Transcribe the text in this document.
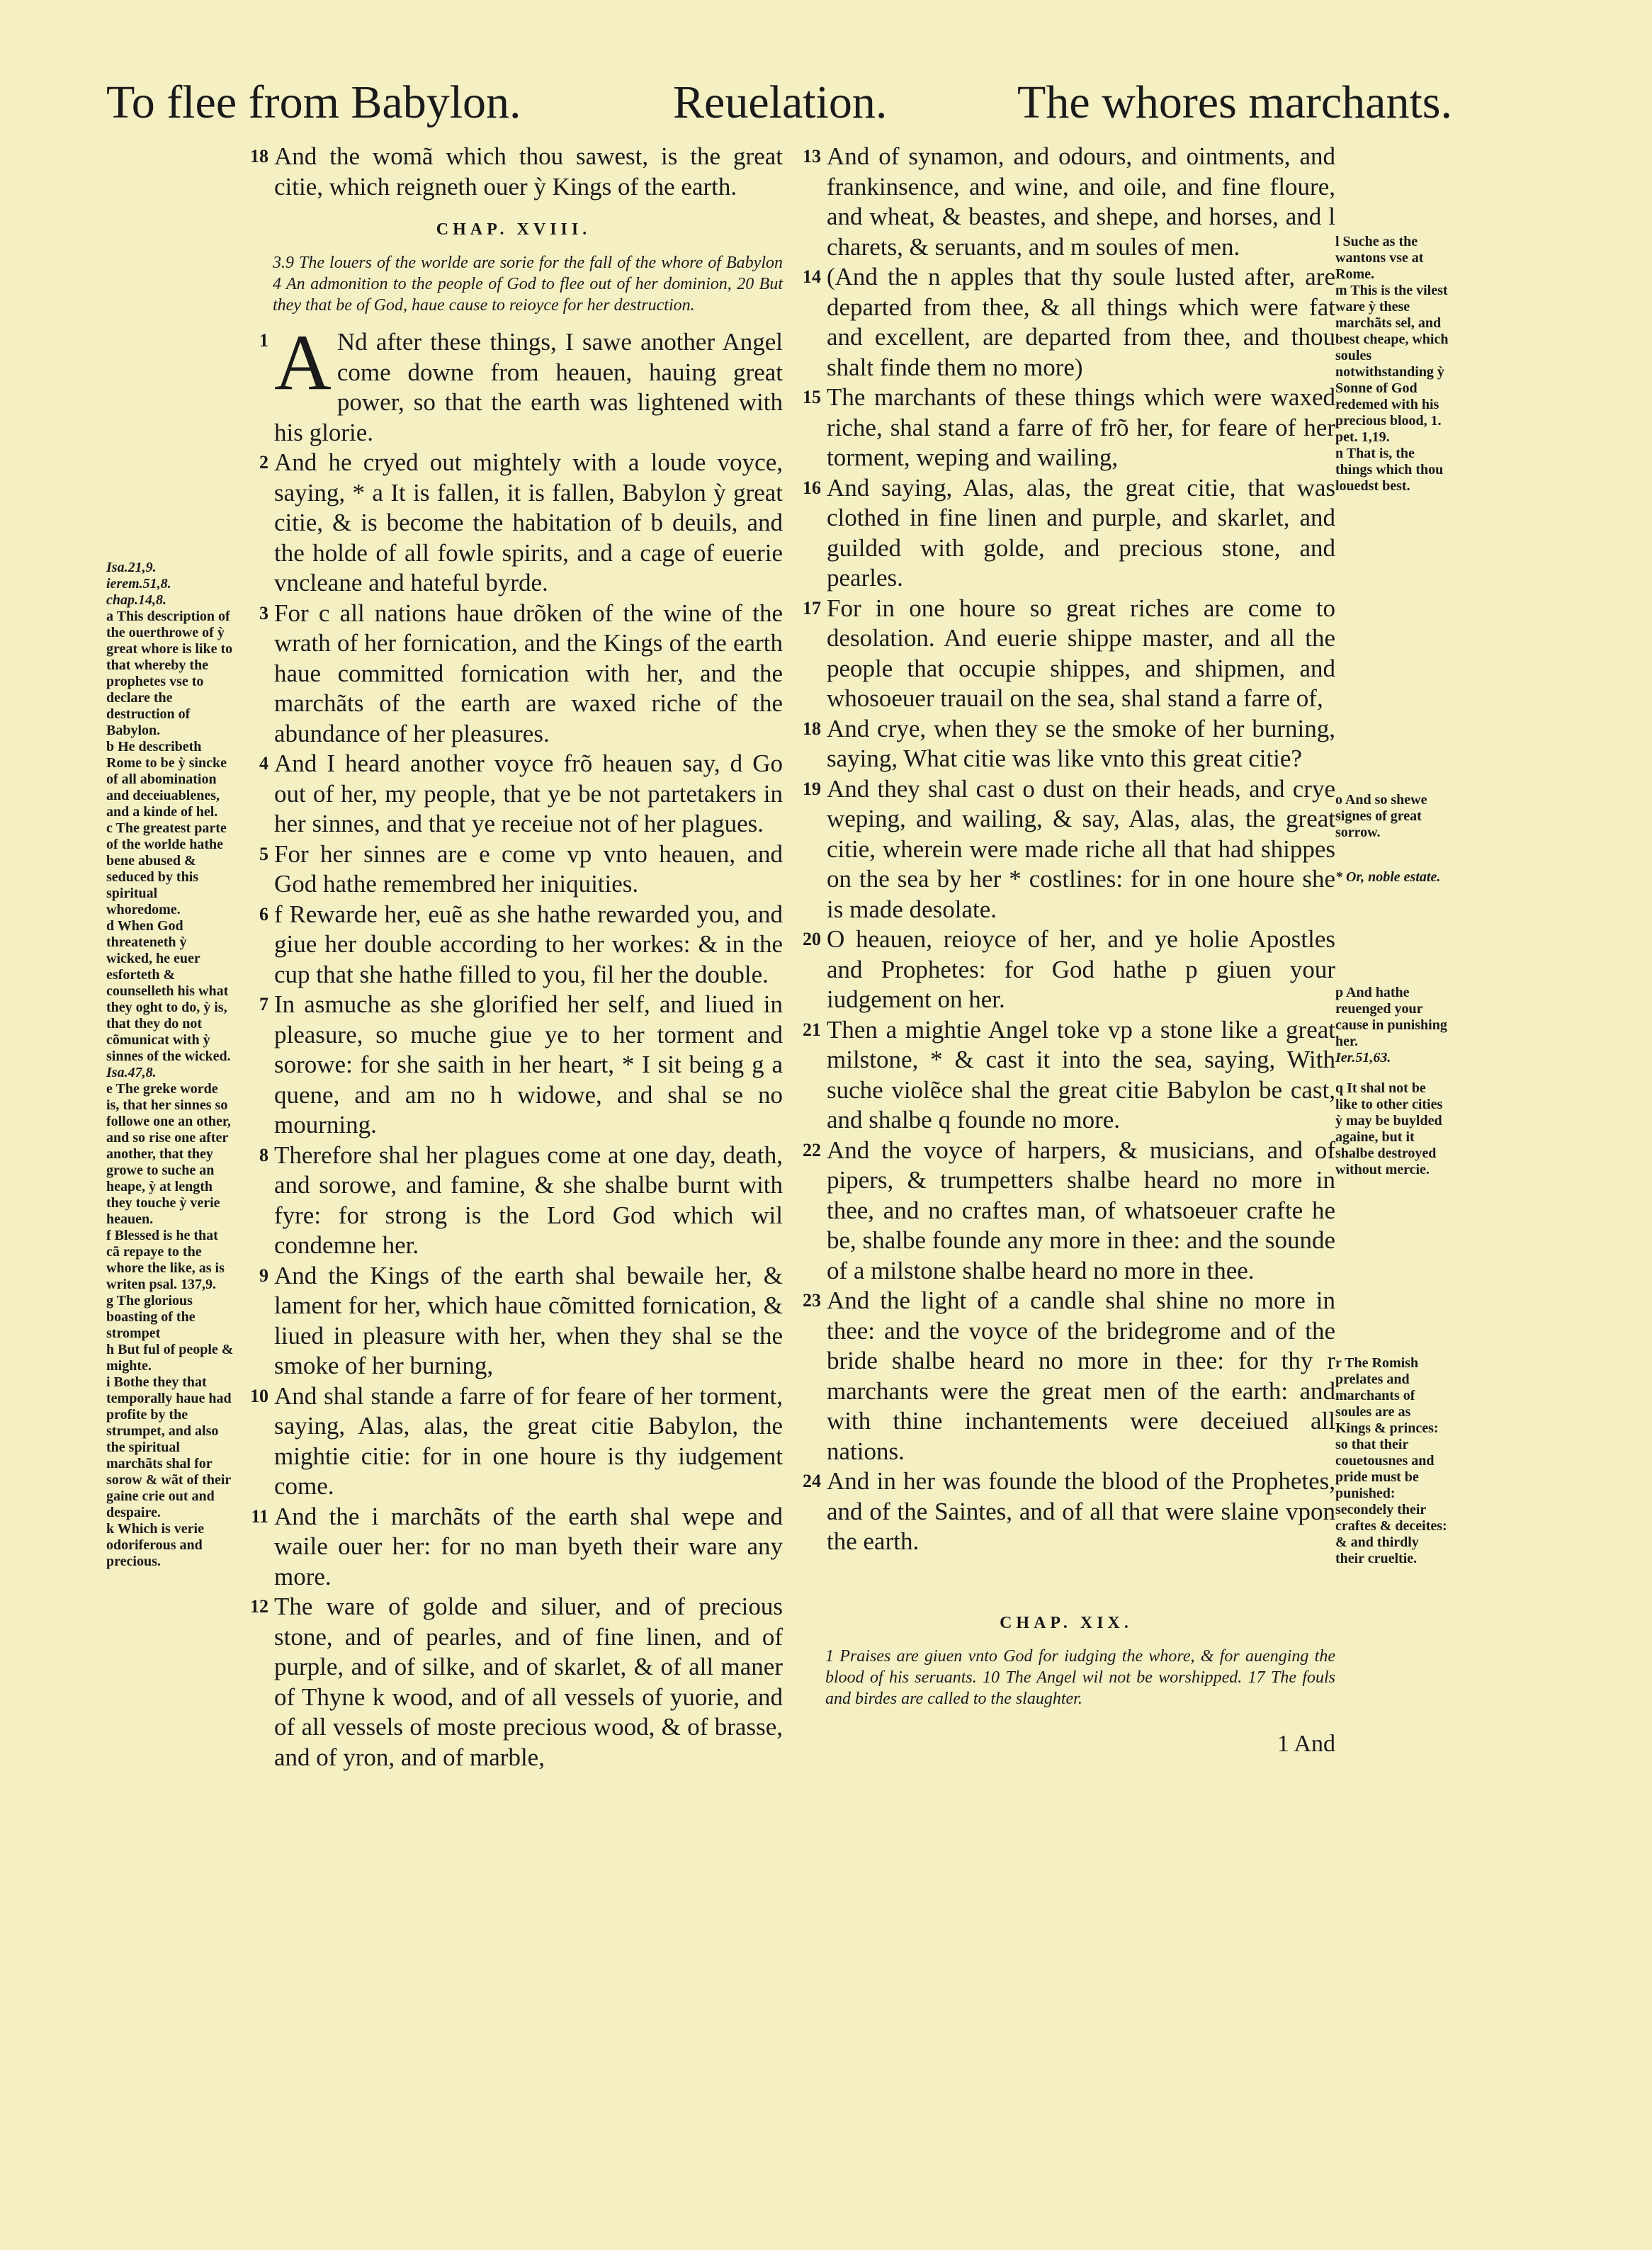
To flee from Babylon.	Reuelation.	The whores marchants.

Isa.21,9.

ierem.51,8.

chap.14,8.

a This description of the ouerthrowe of ỳ great whore is like to that whereby the prophetes vse to declare the destruction of Babylon.

b He describeth Rome to be ỳ sincke of all abomination and deceiuablenes, and a kinde of hel.

c The greatest parte of the worlde hathe bene abused & seduced by this spiritual whoredome.

d When God threateneth ỳ wicked, he euer esforteth & counselleth his what they oght to do, ỳ is, that they do not cõmunicat with ỳ sinnes of the wicked.

Isa.47,8.

e The greke worde is, that her sinnes so followe one an other, and so rise one after another, that they growe to suche an heape, ỳ at length they touche ỳ verie heauen.

f Blessed is he that cã repaye to the whore the like, as is writen psal. 137,9.

g The glorious boasting of the strompet

h But ful of people & mighte.

i Bothe they that temporally haue had profite by the strumpet, and also the spiritual marchãts shal for sorow & wãt of their gaine crie out and despaire.

k Which is verie odoriferous and precious.

18 And the womã which thou sawest, is the great citie, which reigneth ouer ỳ Kings of the earth.
CHAP. XVIII.
3.9 The louers of the worlde are sorie for the fall of the whore of Babylon 4 An admonition to the people of God to flee out of her dominion, 20 But they that be of God, haue cause to reioyce for her destruction.
1 A Nd after these things, I sawe another Angel come downe from heauen, hauing great power, so that the earth was lightened with his glorie.
2 And he cryed out mightely with a loude voyce, saying, * a It is fallen, it is fallen, Babylon ỳ great citie, & is become the habitation of b deuils, and the holde of all fowle spirits, and a cage of euerie vncleane and hateful byrde.
3 For c all nations haue drõken of the wine of the wrath of her fornication, and the Kings of the earth haue committed fornication with her, and the marchãts of the earth are waxed riche of the abundance of her pleasures.
4 And I heard another voyce frõ heauen say, d Go out of her, my people, that ye be not partetakers in her sinnes, and that ye receiue not of her plagues.
5 For her sinnes are e come vp vnto heauen, and God hathe remembred her iniquities.
6 f Rewarde her, euẽ as she hathe rewarded you, and giue her double according to her workes: & in the cup that she hathe filled to you, fil her the double.
7 In asmuche as she glorified her self, and liued in pleasure, so muche giue ye to her torment and sorowe: for she saith in her heart, * I sit being g a quene, and am no h widowe, and shal se no mourning.
8 Therefore shal her plagues come at one day, death, and sorowe, and famine, & she shalbe burnt with fyre: for strong is the Lord God which wil condemne her.
9 And the Kings of the earth shal bewaile her, & lament for her, which haue cõmitted fornication, & liued in pleasure with her, when they shal se the smoke of her burning,
10 And shal stande a farre of for feare of her torment, saying, Alas, alas, the great citie Babylon, the mightie citie: for in one houre is thy iudgement come.
11 And the i marchãts of the earth shal wepe and waile ouer her: for no man byeth their ware any more.
12 The ware of golde and siluer, and of precious stone, and of pearles, and of fine linen, and of purple, and of silke, and of skarlet, & of all maner of Thyne k wood, and of all vessels of yuorie, and of all vessels of moste precious wood, & of brasse, and of yron, and of marble,
13 And of synamon, and odours, and ointments, and frankinsence, and wine, and oile, and fine floure, and wheat, & beastes, and shepe, and horses, and l charets, & seruants, and m soules of men.
14 (And the n apples that thy soule lusted after, are departed from thee, & all things which were fat and excellent, are departed from thee, and thou shalt finde them no more)
15 The marchants of these things which were waxed riche, shal stand a farre of frõ her, for feare of her torment, weping and wailing,
16 And saying, Alas, alas, the great citie, that was clothed in fine linen and purple, and skarlet, and guilded with golde, and precious stone, and pearles.
17 For in one houre so great riches are come to desolation. And euerie shippe master, and all the people that occupie shippes, and shipmen, and whosoeuer trauail on the sea, shal stand a farre of,
18 And crye, when they se the smoke of her burning, saying, What citie was like vnto this great citie?
19 And they shal cast o dust on their heads, and crye weping, and wailing, & say, Alas, alas, the great citie, wherein were made riche all that had shippes on the sea by her * costlines: for in one houre she is made desolate.
20 O heauen, reioyce of her, and ye holie Apostles and Prophetes: for God hathe p giuen your iudgement on her.
21 Then a mightie Angel toke vp a stone like a great milstone, * & cast it into the sea, saying, With suche violẽce shal the great citie Babylon be cast, and shalbe q founde no more.
22 And the voyce of harpers, & musicians, and of pipers, & trumpetters shalbe heard no more in thee, and no craftes man, of whatsoeuer crafte he be, shalbe founde any more in thee: and the sounde of a milstone shalbe heard no more in thee.
23 And the light of a candle shal shine no more in thee: and the voyce of the bridegrome and of the bride shalbe heard no more in thee: for thy r marchants were the great men of the earth: and with thine inchantements were deceiued all nations.
24 And in her was founde the blood of the Prophetes, and of the Saintes, and of all that were slaine vpon the earth.
CHAP. XIX.
1 Praises are giuen vnto God for iudging the whore, & for auenging the blood of his seruants. 10 The Angel wil not be worshipped. 17 The fouls and birdes are called to the slaughter.
1 And

l Suche as the wantons vse at Rome.

m This is the vilest ware ỳ these marchãts sel, and best cheape, which soules notwithstanding ỳ Sonne of God redemed with his precious blood, 1. pet. 1,19.

n That is, the things which thou louedst best.

o And so shewe signes of great sorrow.

* Or, noble estate.

p And hathe reuenged your cause in punishing her.

Ier.51,63.

q It shal not be like to other cities ỳ may be buylded againe, but it shalbe destroyed without mercie.

r The Romish prelates and marchants of soules are as Kings & princes: so that their couetousnes and pride must be punished: secondely their craftes & deceites: & and thirdly their crueltie.
